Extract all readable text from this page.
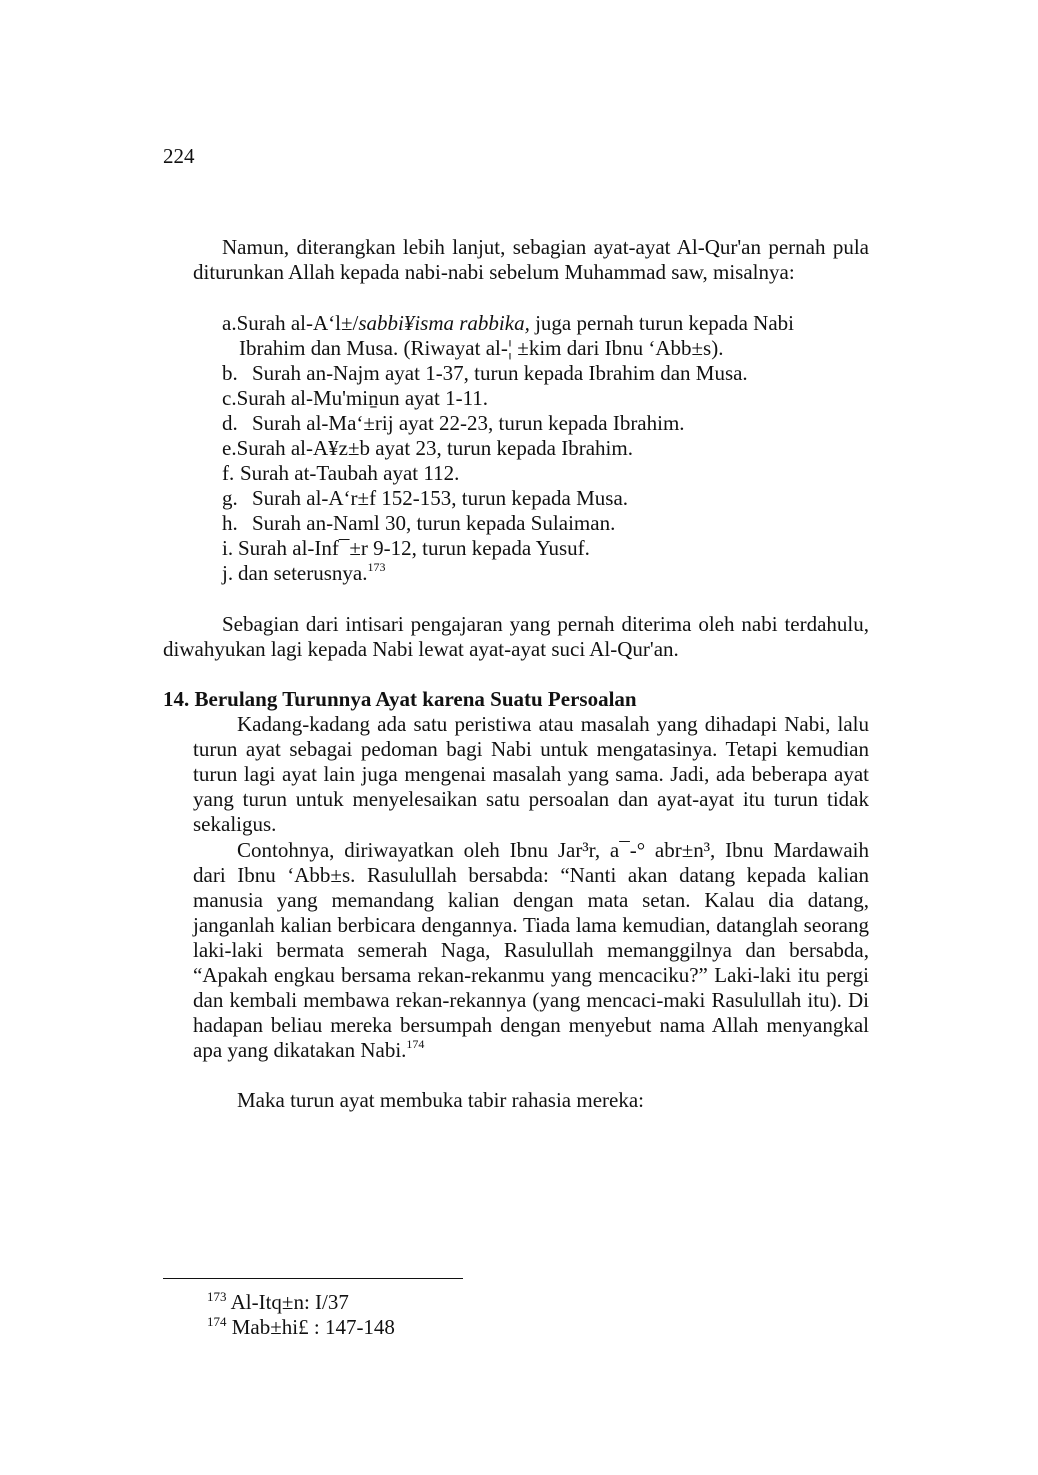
224
Namun, diterangkan lebih lanjut, sebagian ayat-ayat Al-Qur'an pernah pula diturunkan Allah kepada nabi-nabi sebelum Muhammad saw, misalnya:
a. Surah al-A‘l±/sabbi¥isma rabbika, juga pernah turun kepada Nabi
Ibrahim dan Musa. (Riwayat al-¦ ±kim dari Ibnu ‘Abb±s).
b. Surah an-Najm ayat 1-37, turun kepada Ibrahim dan Musa.
c. Surah al-Mu'miṉun ayat 1-11.
d. Surah al-Ma‘±rij ayat 22-23, turun kepada Ibrahim.
e. Surah al-A¥z±b ayat 23, turun kepada Ibrahim.
f. Surah at-Taubah ayat 112.
g. Surah al-A‘r±f 152-153, turun kepada Musa.
h. Surah an-Naml 30, turun kepada Sulaiman.
i. Surah al-Inf¯±r 9-12, turun kepada Yusuf.
j. dan seterusnya.$^{173}$
Sebagian dari intisari pengajaran yang pernah diterima oleh nabi terdahulu, diwahyukan lagi kepada Nabi lewat ayat-ayat suci Al-Qur'an.
14. Berulang Turunnya Ayat karena Suatu Persoalan
Kadang-kadang ada satu peristiwa atau masalah yang dihadapi Nabi, lalu turun ayat sebagai pedoman bagi Nabi untuk mengatasinya. Tetapi kemudian turun lagi ayat lain juga mengenai masalah yang sama. Jadi, ada beberapa ayat yang turun untuk menyelesaikan satu persoalan dan ayat-ayat itu turun tidak sekaligus.
Contohnya, diriwayatkan oleh Ibnu Jar³r, a¯-° abr±n³, Ibnu Mardawaih dari Ibnu ‘Abb±s. Rasulullah bersabda: “Nanti akan datang kepada kalian manusia yang memandang kalian dengan mata setan. Kalau dia datang, janganlah kalian berbicara dengannya. Tiada lama kemudian, datanglah seorang laki-laki bermata semerah Naga, Rasulullah memanggilnya dan bersabda, “Apakah engkau bersama rekan-rekanmu yang mencaciku?” Laki-laki itu pergi dan kembali membawa rekan-rekannya (yang mencaci-maki Rasulullah itu). Di hadapan beliau mereka bersumpah dengan menyebut nama Allah menyangkal apa yang dikatakan Nabi.$^{174}$
Maka turun ayat membuka tabir rahasia mereka:
$^{173}$ Al-Itq±n: I/37
$^{174}$ Mab±hi£ : 147-148
